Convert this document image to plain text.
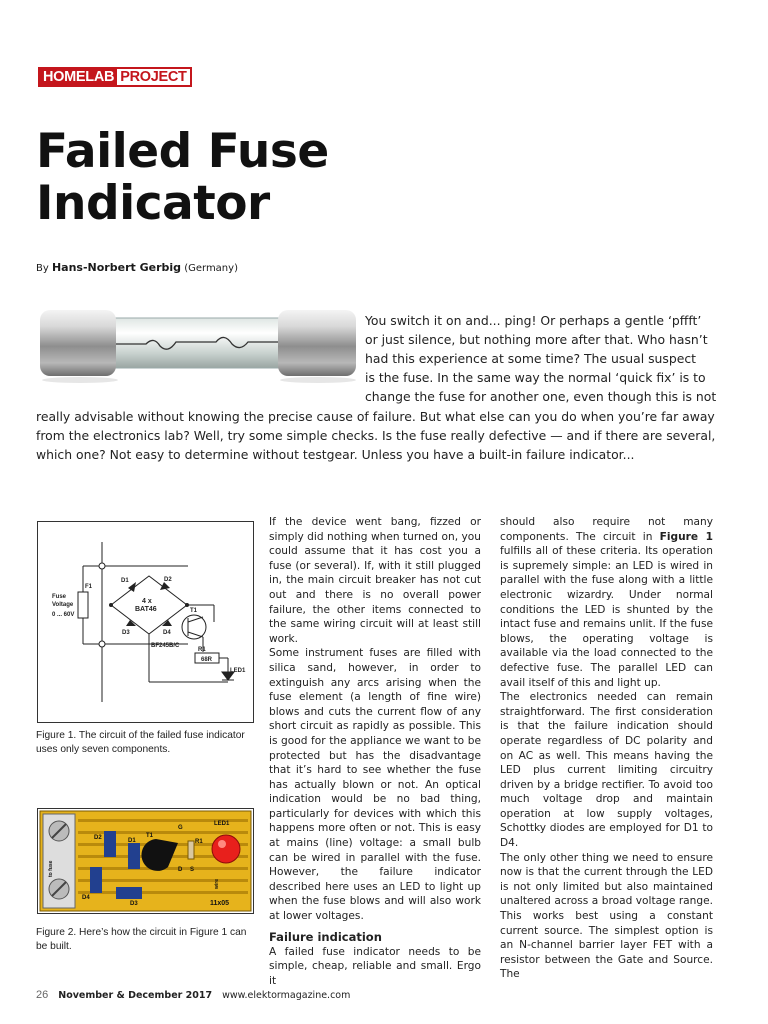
HOMELAB PROJECT
Failed Fuse
Indicator
By Hans-Norbert Gerbig (Germany)

You switch it on and... ping! Or perhaps a gentle ‘pffft’

or just silence, but nothing more after that. Who hasn’t

had this experience at some time? The usual suspect

is the fuse. In the same way the normal ‘quick fix’ is to

change the fuse for another one, even though this is not

really advisable without knowing the precise cause of failure. But what else can you do when you’re far away

from the electronics lab? Well, try some simple checks. Is the fuse really defective — and if there are several,

which one? Not easy to determine without testgear. Unless you have a built-in failure indicator...

Fuse
Voltage
0 ... 60V
F1
D1	D2
D3	D4
4 x
BAT46	T1
BF245B/C
R1
68R
LED1
Figure 1. The circuit of the failed fuse indicator uses only seven components.
LED1
T1
R1
D1
D2
D3
D4
G
D S
11x05
to fuse
wire
Figure 2. Here’s how the circuit in Figure 1 can be built.

If the device went bang, fizzed or simply did nothing when turned on, you could assume that it has cost you a fuse (or several). If, with it still plugged in, the main circuit breaker has not cut out and there is no overall power failure, the other items connected to the same wiring circuit will at least still work.

Some instrument fuses are filled with silica sand, however, in order to extinguish any arcs arising when the fuse element (a length of fine wire) blows and cuts the current flow of any short circuit as rapidly as possible. This is good for the appliance we want to be protected but has the disadvantage that it’s hard to see whether the fuse has actually blown or not. An optical indication would be no bad thing, particularly for devices with which this happens more often or not. This is easy at mains (line) voltage: a small bulb can be wired in parallel with the fuse. However, the failure indicator described here uses an LED to light up when the fuse blows and will also work at lower voltages.

Failure indication

A failed fuse indicator needs to be simple, cheap, reliable and small. Ergo it

should also require not many components. The circuit in Figure 1 fulfills all of these criteria. Its operation is supremely simple: an LED is wired in parallel with the fuse along with a little electronic wizardry. Under normal conditions the LED is shunted by the intact fuse and remains unlit. If the fuse blows, the operating voltage is available via the load connected to the defective fuse. The parallel LED can avail itself of this and light up.

The electronics needed can remain straightforward. The first consideration is that the failure indication should operate regardless of DC polarity and on AC as well. This means having the LED plus current limiting circuitry driven by a bridge rectifier. To avoid too much voltage drop and maintain operation at low supply voltages, Schottky diodes are employed for D1 to D4.

The only other thing we need to ensure now is that the current through the LED is not only limited but also maintained unaltered across a broad voltage range. This works best using a constant current source. The simplest option is an N-channel barrier layer FET with a resistor between the Gate and Source. The

26 November & December 2017 www.elektormagazine.com
